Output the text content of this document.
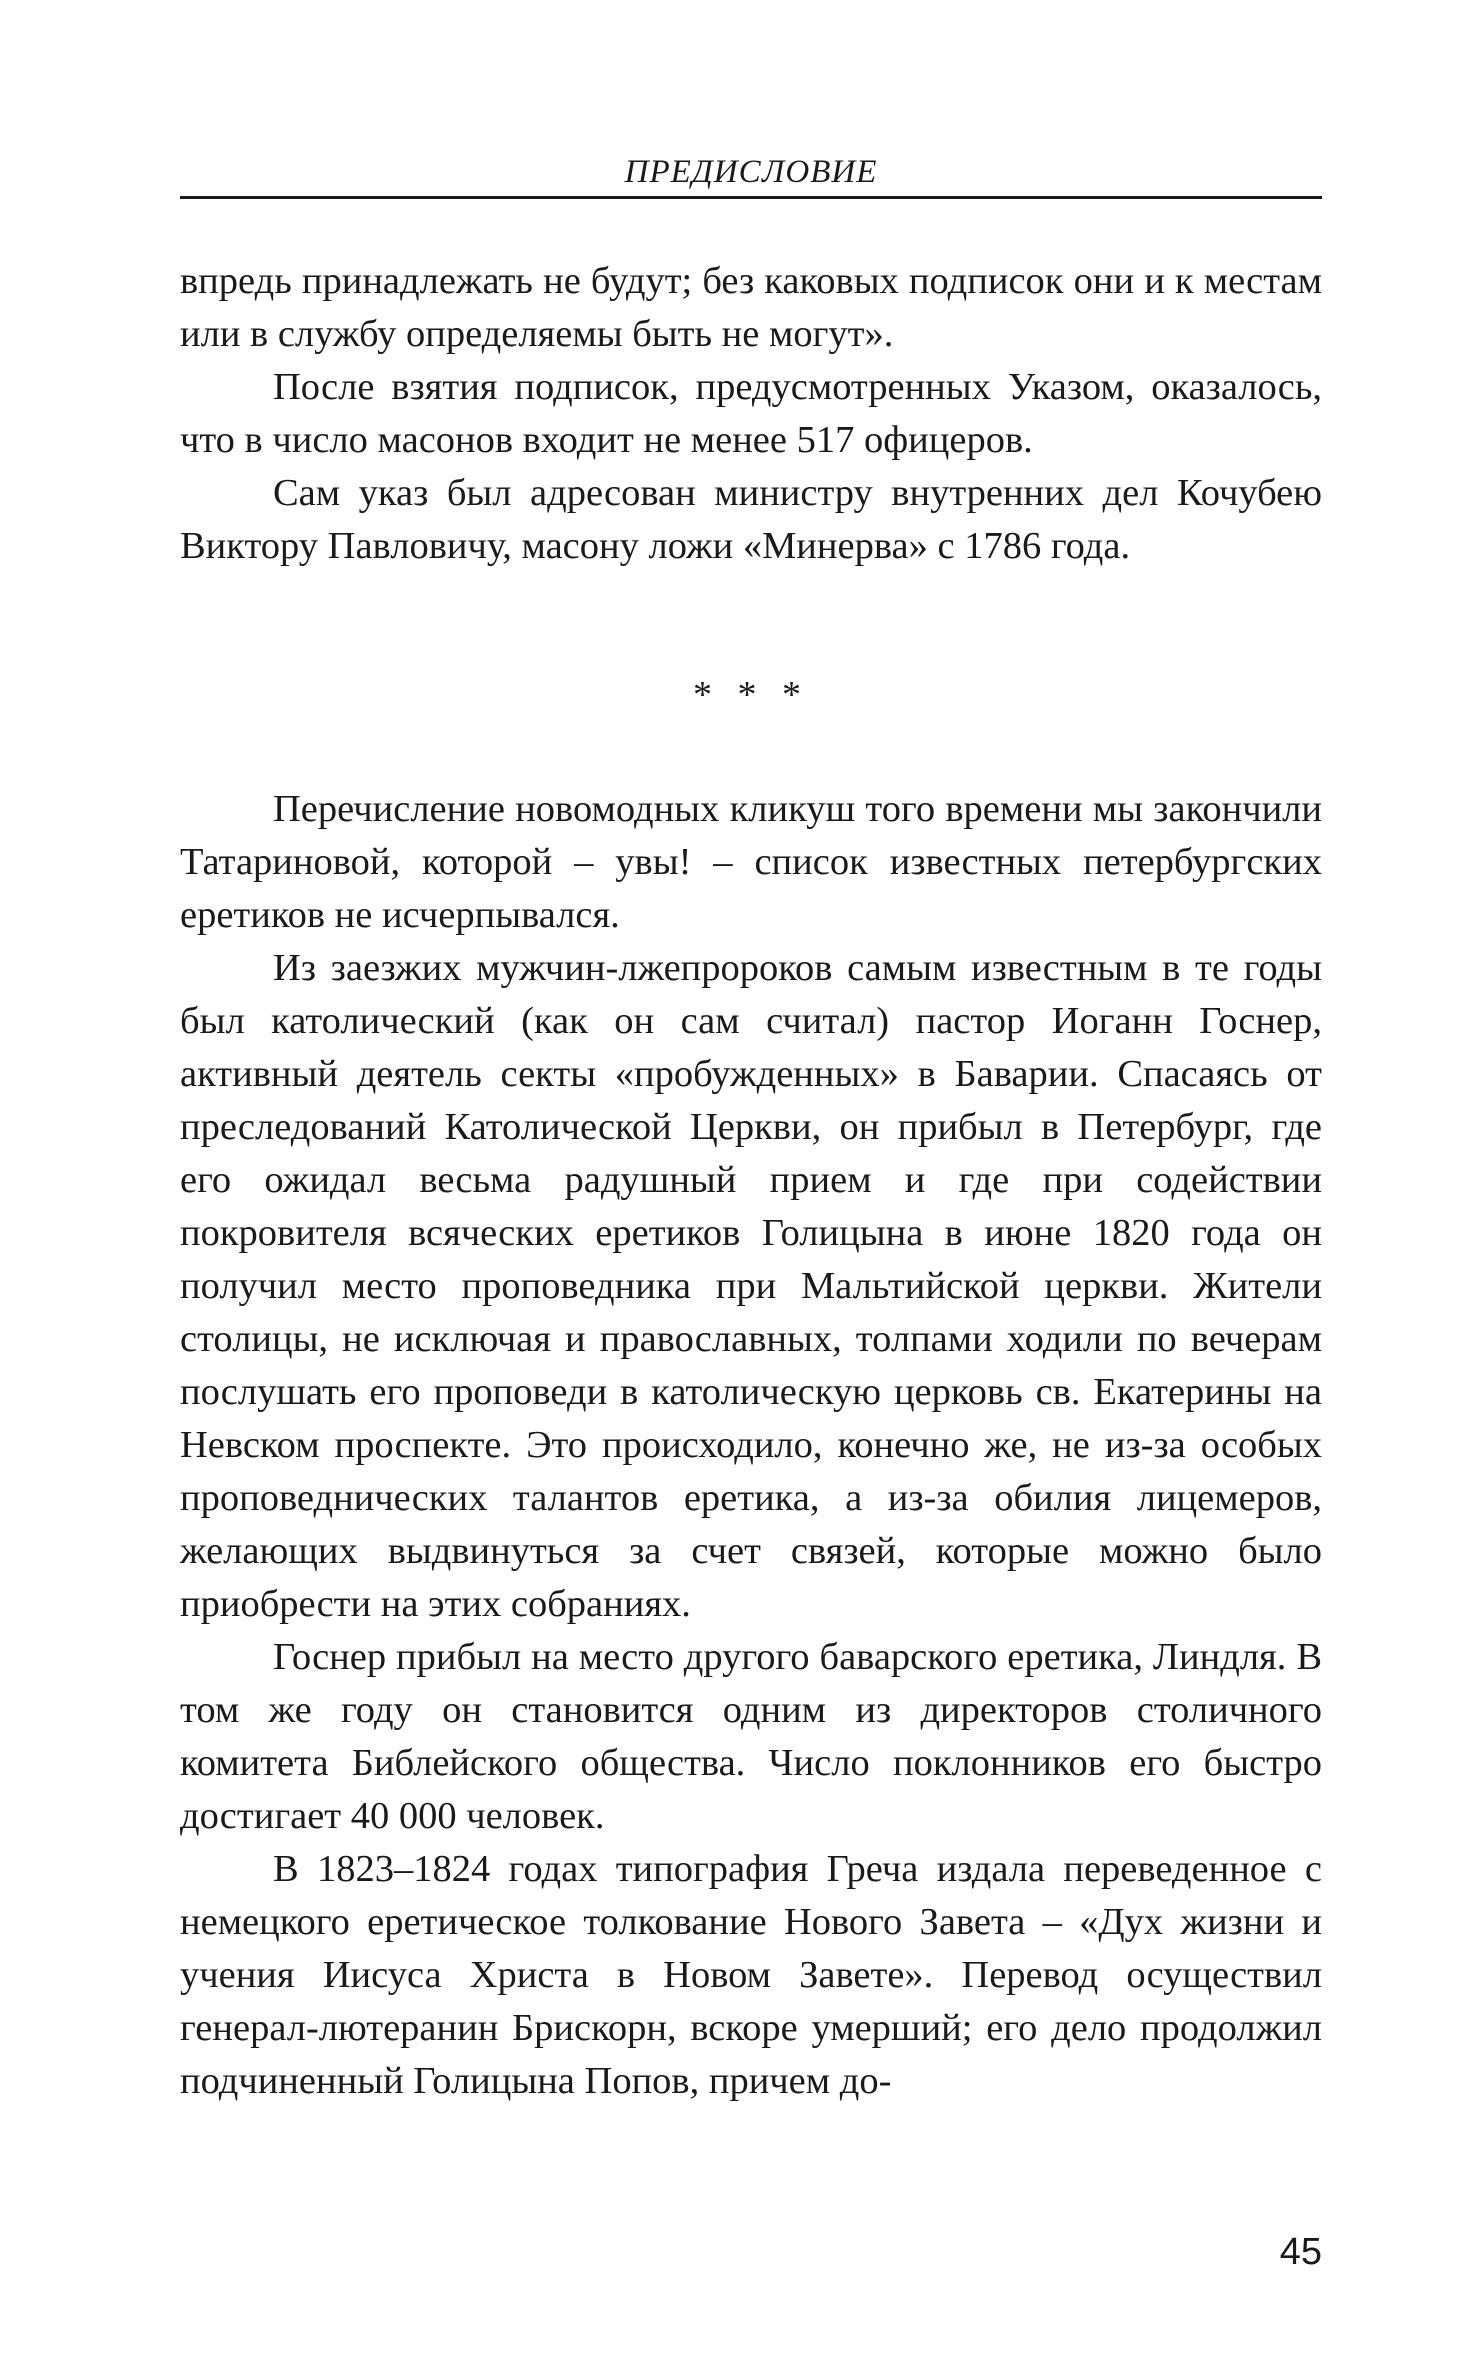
ПРЕДИСЛОВИЕ

впредь принадлежать не будут; без каковых подписок они и к местам или в службу определяемы быть не могут».

После взятия подписок, предусмотренных Указом, оказалось, что в число масонов входит не менее 517 офицеров.

Сам указ был адресован министру внутренних дел Кочубею Виктору Павловичу, масону ложи «Минерва» с 1786 года.

* * *

Перечисление новомодных кликуш того времени мы закончили Татариновой, которой – увы! – список известных петербургских еретиков не исчерпывался.

Из заезжих мужчин-лжепророков самым известным в те годы был католический (как он сам считал) пастор Иоганн Госнер, активный деятель секты «пробужденных» в Баварии. Спасаясь от преследований Католической Церкви, он прибыл в Петербург, где его ожидал весьма радушный прием и где при содействии покровителя всяческих еретиков Голицына в июне 1820 года он получил место проповедника при Мальтийской церкви. Жители столицы, не исключая и православных, толпами ходили по вечерам послушать его проповеди в католическую церковь св. Екатерины на Невском проспекте. Это происходило, конечно же, не из-за особых проповеднических талантов еретика, а из-за обилия лицемеров, желающих выдвинуться за счет связей, которые можно было приобрести на этих собраниях.

Госнер прибыл на место другого баварского еретика, Линдля. В том же году он становится одним из директоров столичного комитета Библейского общества. Число поклонников его быстро достигает 40 000 человек.

В 1823–1824 годах типография Греча издала переведенное с немецкого еретическое толкование Нового Завета – «Дух жизни и учения Иисуса Христа в Новом Завете». Перевод осуществил генерал-лютеранин Брискорн, вскоре умерший; его дело продолжил подчиненный Голицына Попов, причем до-

45
